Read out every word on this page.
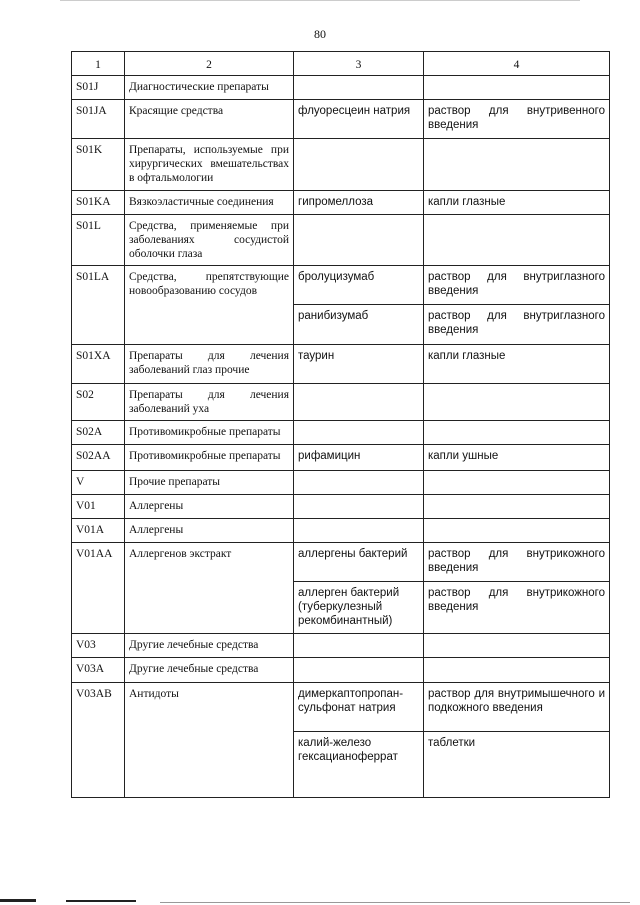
80
1	2	3	4
S01J	Диагностические препараты		
S01JA	Красящие средства	флуоресцеин натрия	раствор для внутривенного введения
S01K	Препараты, используемые при хирургических вмешательствах в офтальмологии		
S01KA	Вязкоэластичные соединения	гипромеллоза	капли глазные
S01L	Средства, применяемые при заболеваниях сосудистой оболочки глаза		
S01LA	Средства, препятствующие новообразованию сосудов	бролуцизумаб	раствор для внутриглазного введения
		ранибизумаб	раствор для внутриглазного введения
S01XA	Препараты для лечения заболеваний глаз прочие	таурин	капли глазные
S02	Препараты для лечения заболеваний уха		
S02A	Противомикробные препараты		
S02AA	Противомикробные препараты	рифамицин	капли ушные
V	Прочие препараты		
V01	Аллергены		
V01A	Аллергены		
V01AA	Аллергенов экстракт	аллергены бактерий	раствор для внутрикожного введения
		аллерген бактерий (туберкулезный рекомбинантный)	раствор для внутрикожного введения
V03	Другие лечебные средства		
V03A	Другие лечебные средства		
V03AB	Антидоты	димеркаптопропан-сульфонат натрия	раствор для внутримышечного и подкожного введения
		калий-железо гексацианоферрат	таблетки
